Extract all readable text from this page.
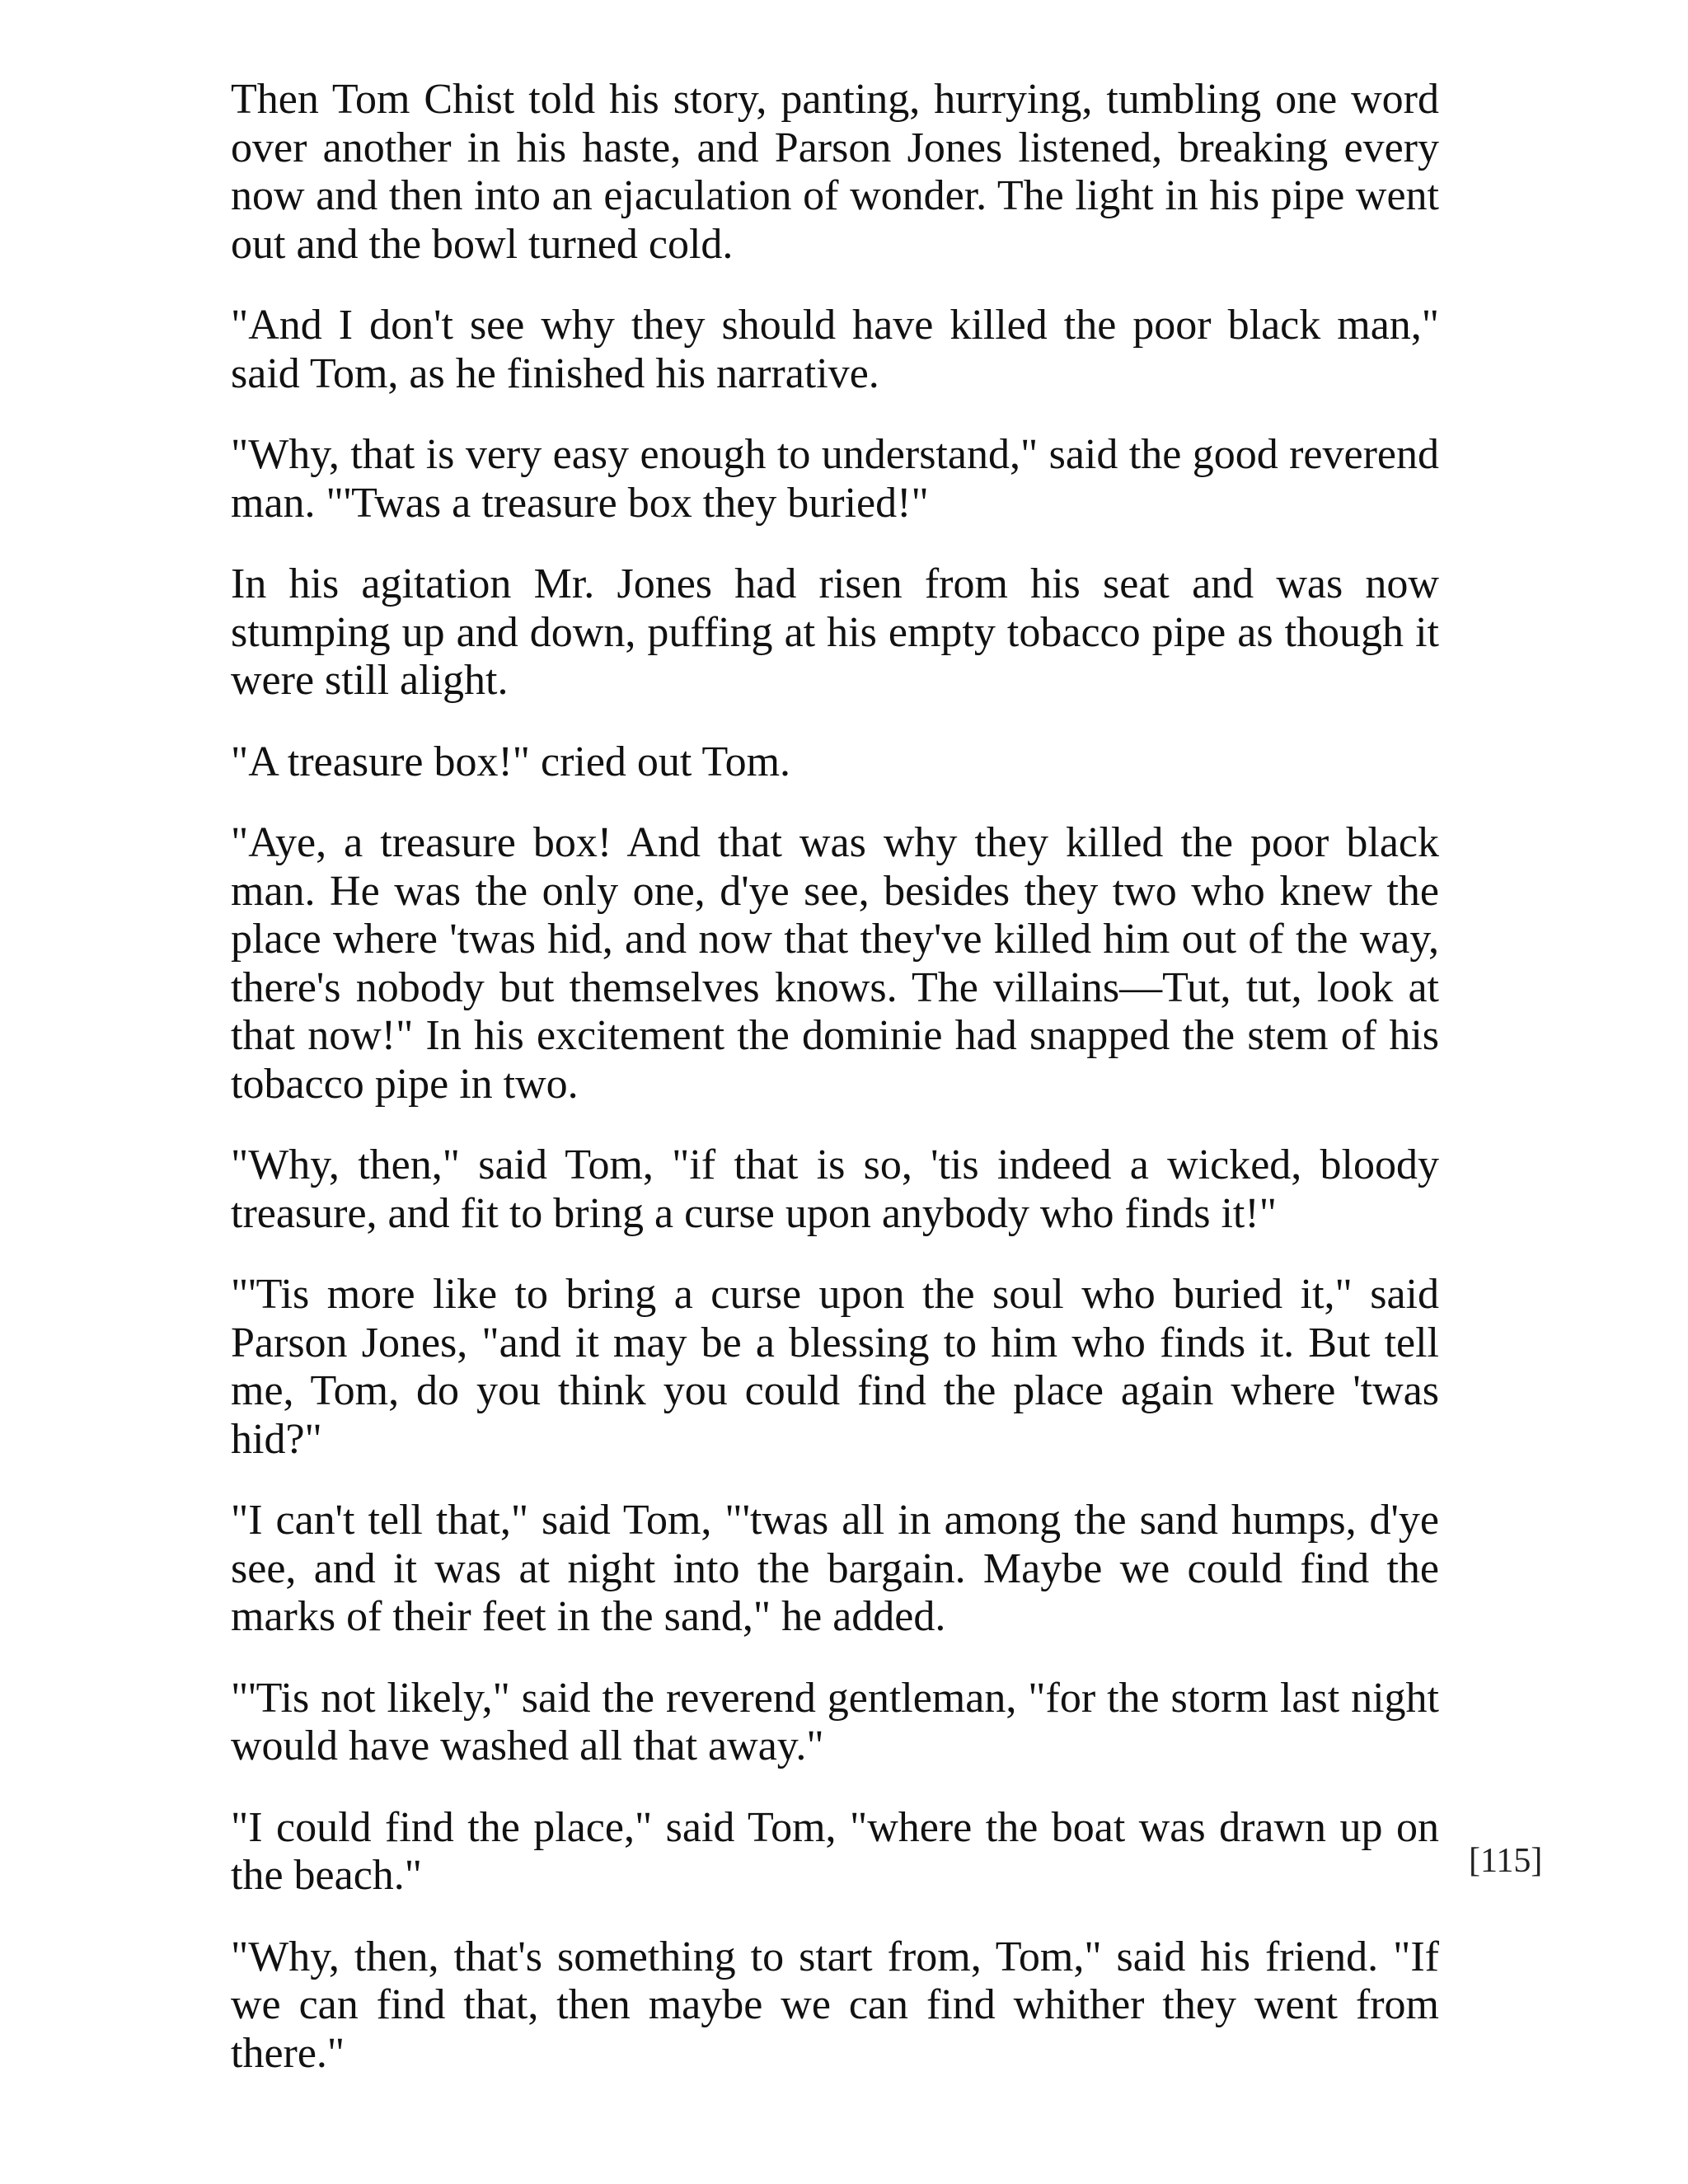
Then Tom Chist told his story, panting, hurrying, tumbling one word over another in his haste, and Parson Jones listened, breaking every now and then into an ejaculation of wonder. The light in his pipe went out and the bowl turned cold.

"And I don't see why they should have killed the poor black man," said Tom, as he finished his narrative.

"Why, that is very easy enough to understand," said the good reverend man. "'Twas a treasure box they buried!"

In his agitation Mr. Jones had risen from his seat and was now stumping up and down, puffing at his empty tobacco pipe as though it were still alight.

"A treasure box!" cried out Tom.

"Aye, a treasure box! And that was why they killed the poor black man. He was the only one, d'ye see, besides they two who knew the place where 'twas hid, and now that they've killed him out of the way, there's nobody but themselves knows. The villains—Tut, tut, look at that now!" In his excitement the dominie had snapped the stem of his tobacco pipe in two.

"Why, then," said Tom, "if that is so, 'tis indeed a wicked, bloody treasure, and fit to bring a curse upon anybody who finds it!"

"'Tis more like to bring a curse upon the soul who buried it," said Parson Jones, "and it may be a blessing to him who finds it. But tell me, Tom, do you think you could find the place again where 'twas hid?"

"I can't tell that," said Tom, "'twas all in among the sand humps, d'ye see, and it was at night into the bargain. Maybe we could find the marks of their feet in the sand," he added.

"'Tis not likely," said the reverend gentleman, "for the storm last night would have washed all that away."

"I could find the place," said Tom, "where the boat was drawn up on the beach."

"Why, then, that's something to start from, Tom," said his friend. "If we can find that, then maybe we can find whither they went from there."

[115]
